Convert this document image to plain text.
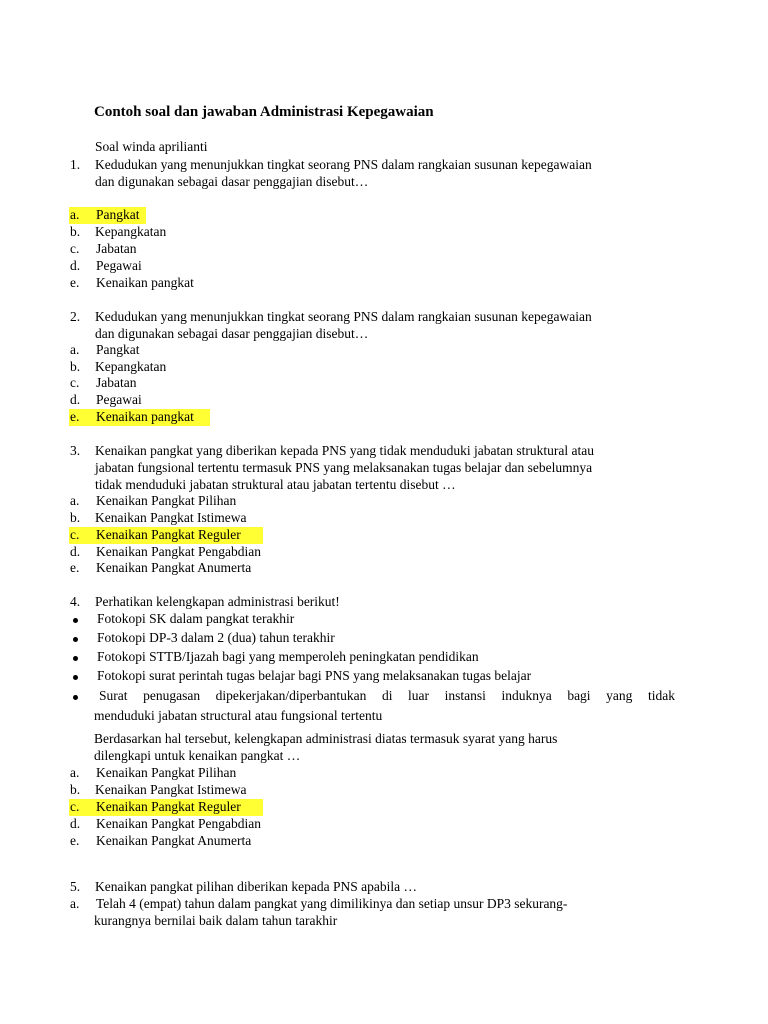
Contoh soal dan jawaban Administrasi Kepegawaian
Soal winda aprilianti
1. Kedudukan yang menunjukkan tingkat seorang PNS dalam rangkaian susunan kepegawaian
dan digunakan sebagai dasar penggajian disebut…
a. Pangkat
b. Kepangkatan
c. Jabatan
d. Pegawai
e. Kenaikan pangkat
2. Kedudukan yang menunjukkan tingkat seorang PNS dalam rangkaian susunan kepegawaian
dan digunakan sebagai dasar penggajian disebut…
a. Pangkat
b. Kepangkatan
c. Jabatan
d. Pegawai
e. Kenaikan pangkat
3. Kenaikan pangkat yang diberikan kepada PNS yang tidak menduduki jabatan struktural atau
jabatan fungsional tertentu termasuk PNS yang melaksanakan tugas belajar dan sebelumnya
tidak menduduki jabatan struktural atau jabatan tertentu disebut …
a. Kenaikan Pangkat Pilihan
b. Kenaikan Pangkat Istimewa
c. Kenaikan Pangkat Reguler
d. Kenaikan Pangkat Pengabdian
e. Kenaikan Pangkat Anumerta
4. Perhatikan kelengkapan administrasi berikut!
Fotokopi SK dalam pangkat terakhir
Fotokopi DP-3 dalam 2 (dua) tahun terakhir
Fotokopi STTB/Ijazah bagi yang memperoleh peningkatan pendidikan
Fotokopi surat perintah tugas belajar bagi PNS yang melaksanakan tugas belajar
Surat penugasan dipekerjakan/diperbantukan di luar instansi induknya bagi yang tidak
menduduki jabatan structural atau fungsional tertentu
Berdasarkan hal tersebut, kelengkapan administrasi diatas termasuk syarat yang harus
dilengkapi untuk kenaikan pangkat …
a. Kenaikan Pangkat Pilihan
b. Kenaikan Pangkat Istimewa
c. Kenaikan Pangkat Reguler
d. Kenaikan Pangkat Pengabdian
e. Kenaikan Pangkat Anumerta
5. Kenaikan pangkat pilihan diberikan kepada PNS apabila …
a. Telah 4 (empat) tahun dalam pangkat yang dimilikinya dan setiap unsur DP3 sekurang-
kurangnya bernilai baik dalam tahun tarakhir
